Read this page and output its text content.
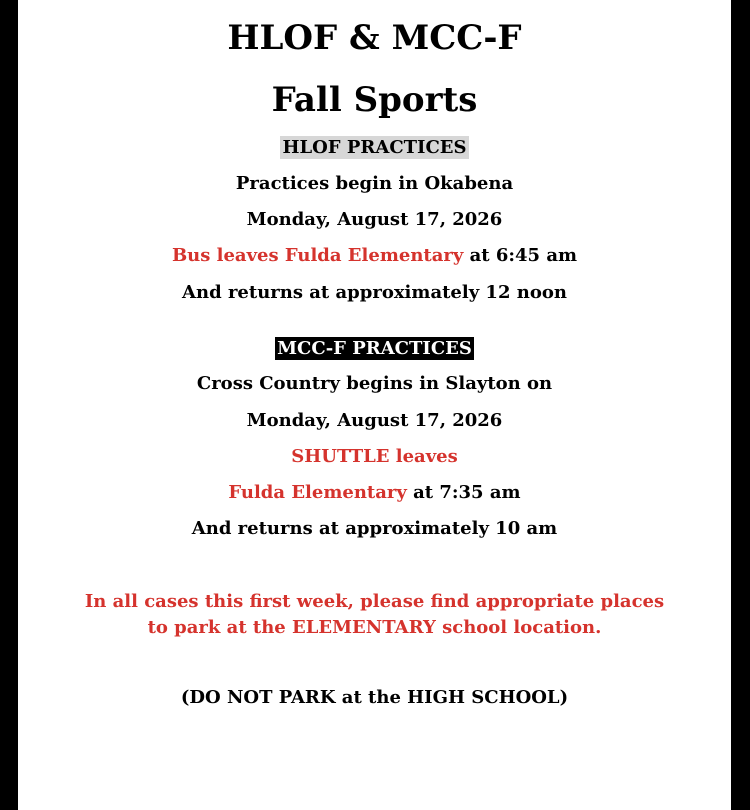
HLOF & MCC-F
Fall Sports
HLOF PRACTICES
Practices begin in Okabena
Monday, August 17, 2026
Bus leaves Fulda Elementary at 6:45 am
And returns at approximately 12 noon
MCC-F PRACTICES
Cross Country begins in Slayton on
Monday, August 17, 2026
SHUTTLE leaves
Fulda Elementary at 7:35 am
And returns at approximately 10 am
In all cases this first week, please find appropriate places
to park at the ELEMENTARY school location.
(DO NOT PARK at the HIGH SCHOOL)
